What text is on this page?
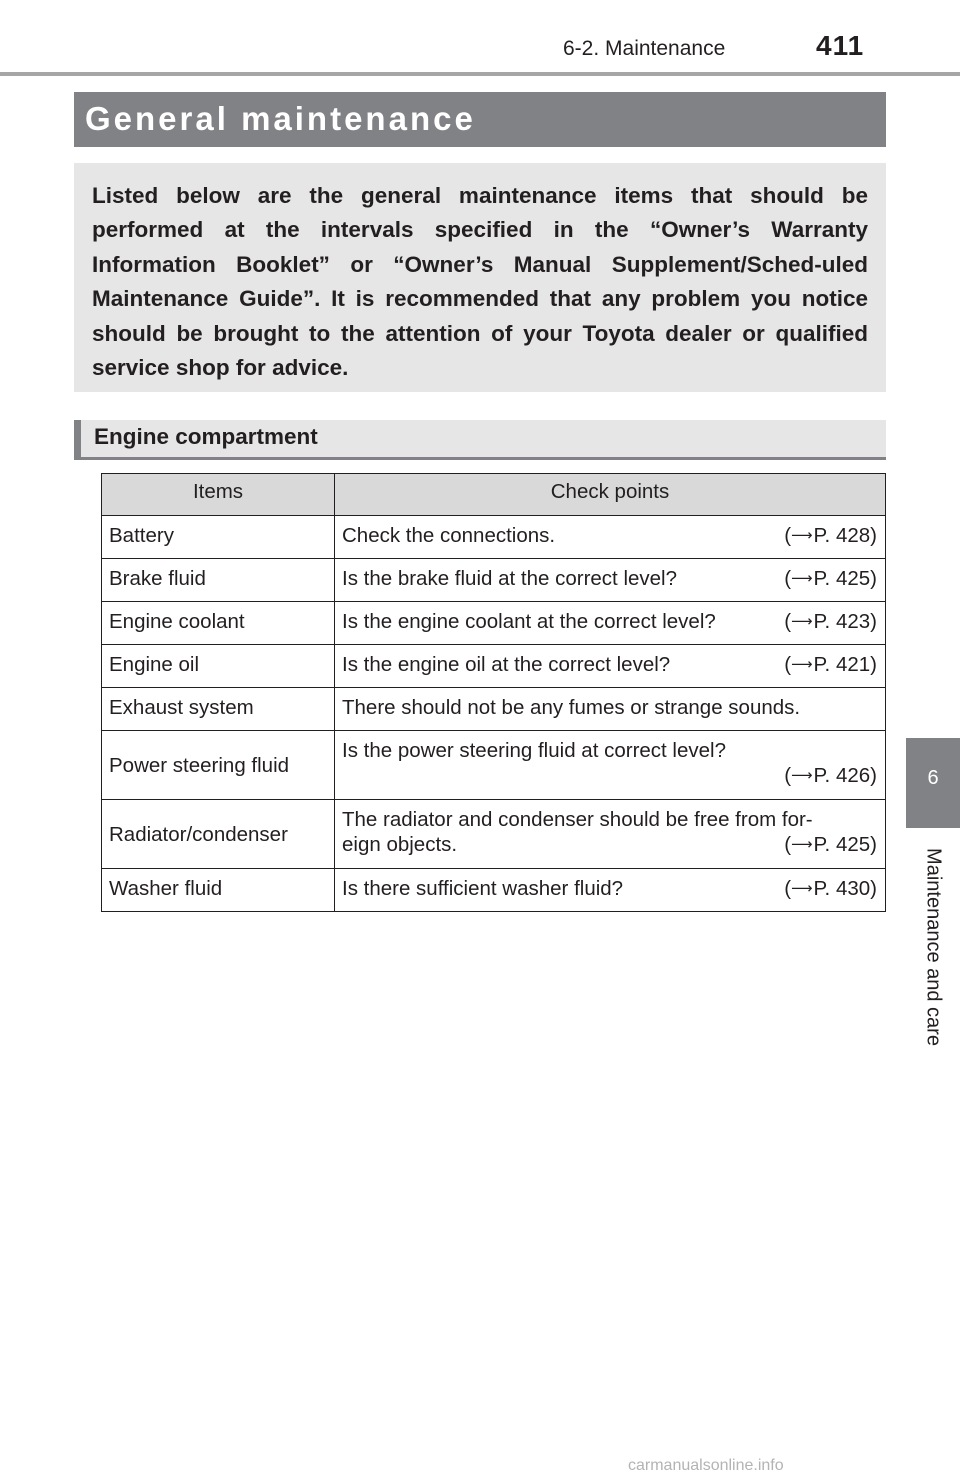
6-2. Maintenance	411
6
Maintenance and care
General maintenance

Listed below are the general maintenance items that should be performed at the intervals specified in the “Owner’s Warranty Information Booklet” or “Owner’s Manual Supplement/Sched-uled Maintenance Guide”. It is recommended that any problem you notice should be brought to the attention of your Toyota dealer or qualified service shop for advice.

Engine compartment
Items	Check points
Battery	Check the connections. (⟶P. 428)

Brake fluid	Is the brake fluid at the correct level? (⟶P. 425)

Engine coolant	Is the engine coolant at the correct level? (⟶P. 423)

Engine oil	Is the engine oil at the correct level? (⟶P. 421)

Exhaust system	There should not be any fumes or strange sounds.
Power steering fluid	Is the power steering fluid at correct level?
(⟶P. 426)

Radiator/condenser	The radiator and condenser should be free from for-
eign objects. (⟶P. 425)

Washer fluid	Is there sufficient washer fluid? (⟶P. 430)
carmanualsonline.info
